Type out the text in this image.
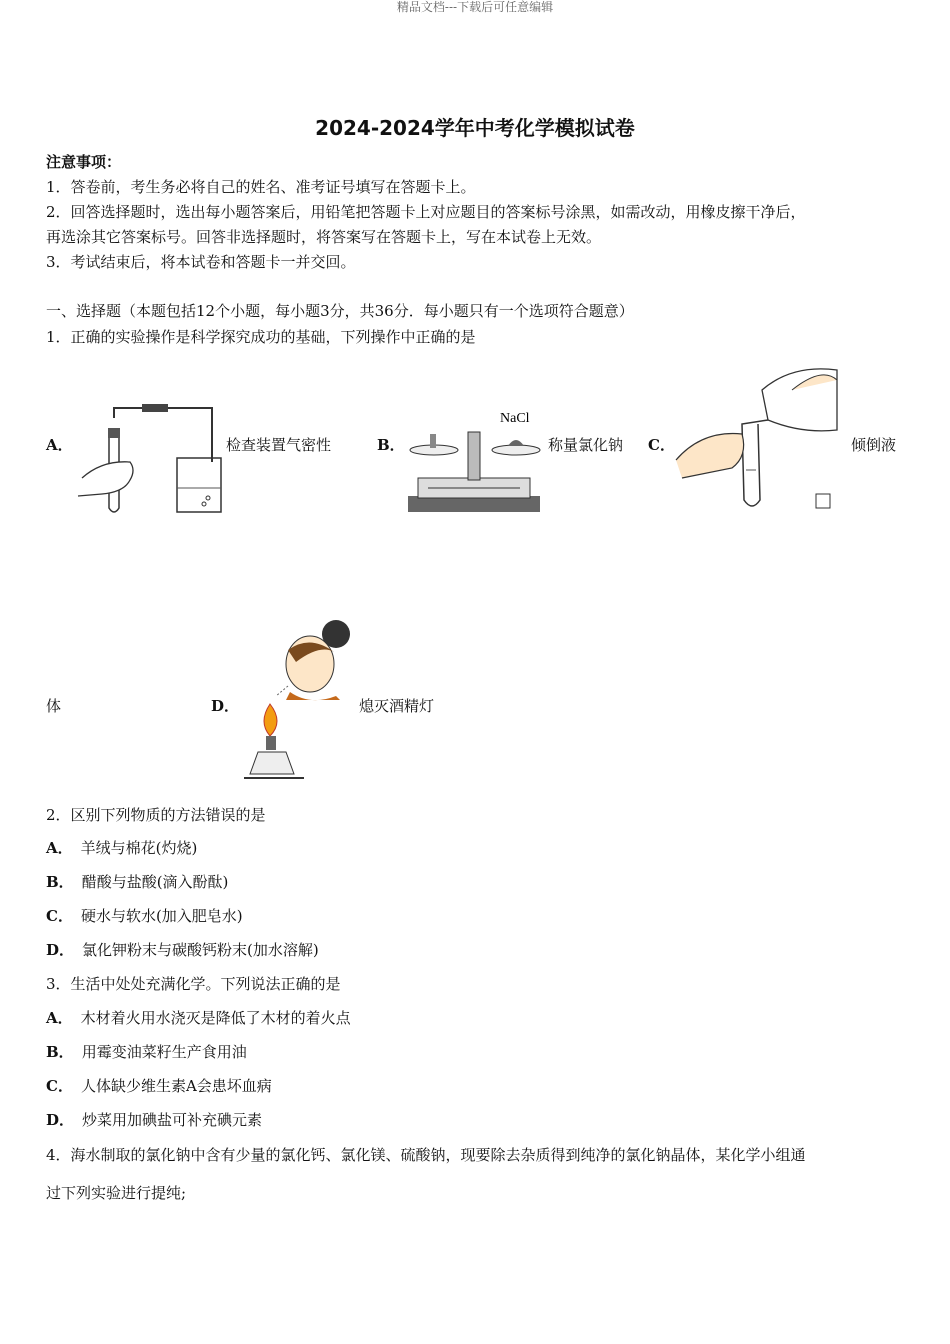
精品文档---下载后可任意编辑
2024-2024学年中考化学模拟试卷
注意事项：
1．答卷前，考生务必将自己的姓名、准考证号填写在答题卡上。
2．回答选择题时，选出每小题答案后，用铅笔把答题卡上对应题目的答案标号涂黑，如需改动，用橡皮擦干净后，
再选涂其它答案标号。回答非选择题时，将答案写在答题卡上，写在本试卷上无效。
3．考试结束后，将本试卷和答题卡一并交回。
一、选择题（本题包括12个小题，每小题3分，共36分．每小题只有一个选项符合题意）
1．正确的实验操作是科学探究成功的基础，下列操作中正确的是
A．	检查装置气密性	B．
NaCl
称量氯化钠 C．	倾倒液
体	D．	熄灭酒精灯
2．区别下列物质的方法错误的是
A． 羊绒与棉花(灼烧)
B． 醋酸与盐酸(滴入酚酞)
C． 硬水与软水(加入肥皂水)
D． 氯化钾粉末与碳酸钙粉末(加水溶解)
3．生活中处处充满化学。下列说法正确的是
A． 木材着火用水浇灭是降低了木材的着火点
B． 用霉变油菜籽生产食用油
C． 人体缺少维生素A会患坏血病
D． 炒菜用加碘盐可补充碘元素
4．海水制取的氯化钠中含有少量的氯化钙、氯化镁、硫酸钠，现要除去杂质得到纯净的氯化钠晶体，某化学小组通
过下列实验进行提纯;
